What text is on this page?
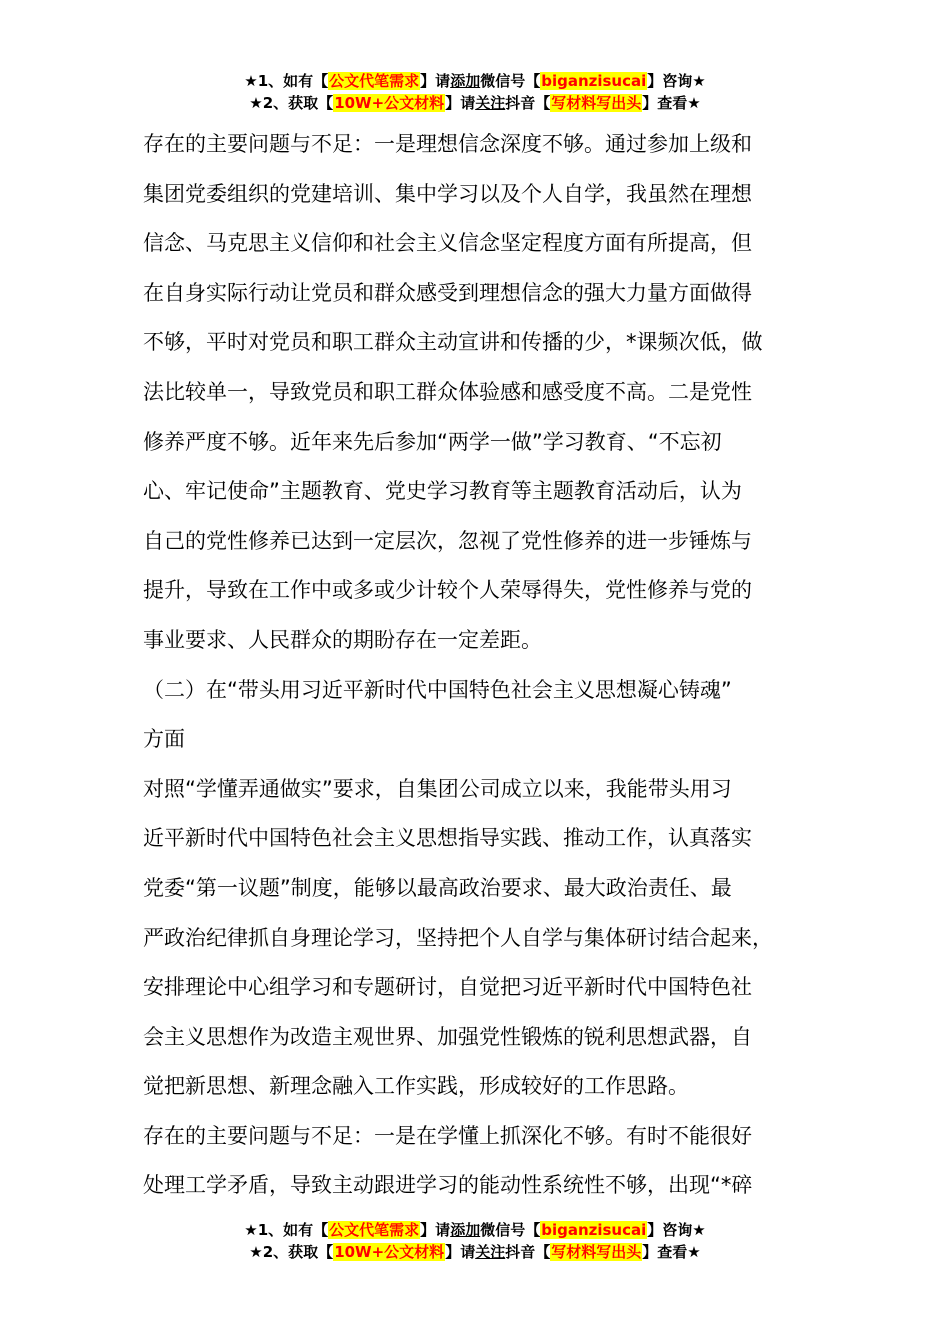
★1、如有【公文代笔需求】请添加微信号【biganzisucai】咨询★
★2、获取【10W+公文材料】请关注抖音【写材料写出头】查看★
存在的主要问题与不足：一是理想信念深度不够。通过参加上级和
集团党委组织的党建培训、集中学习以及个人自学，我虽然在理想
信念、马克思主义信仰和社会主义信念坚定程度方面有所提高，但
在自身实际行动让党员和群众感受到理想信念的强大力量方面做得
不够，平时对党员和职工群众主动宣讲和传播的少，*课频次低，做
法比较单一，导致党员和职工群众体验感和感受度不高。二是党性
修养严度不够。近年来先后参加“两学一做”学习教育、“不忘初
心、牢记使命”主题教育、党史学习教育等主题教育活动后，认为
自己的党性修养已达到一定层次，忽视了党性修养的进一步锤炼与
提升，导致在工作中或多或少计较个人荣辱得失，党性修养与党的
事业要求、人民群众的期盼存在一定差距。
（二）在“带头用习近平新时代中国特色社会主义思想凝心铸魂”
方面
对照“学懂弄通做实”要求，自集团公司成立以来，我能带头用习
近平新时代中国特色社会主义思想指导实践、推动工作，认真落实
党委“第一议题”制度，能够以最高政治要求、最大政治责任、最
严政治纪律抓自身理论学习，坚持把个人自学与集体研讨结合起来，
安排理论中心组学习和专题研讨，自觉把习近平新时代中国特色社
会主义思想作为改造主观世界、加强党性锻炼的锐利思想武器，自
觉把新思想、新理念融入工作实践，形成较好的工作思路。
存在的主要问题与不足：一是在学懂上抓深化不够。有时不能很好
处理工学矛盾，导致主动跟进学习的能动性系统性不够，出现“*碎
★1、如有【公文代笔需求】请添加微信号【biganzisucai】咨询★
★2、获取【10W+公文材料】请关注抖音【写材料写出头】查看★
